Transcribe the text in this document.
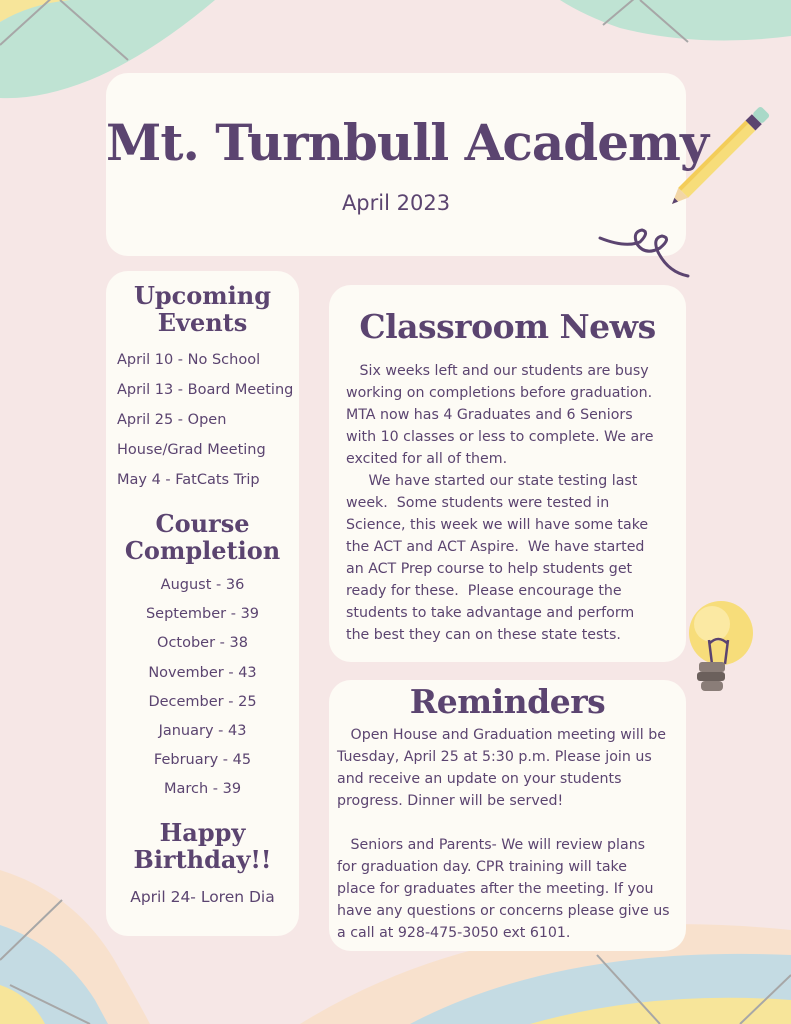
Mt. Turnbull Academy
April 2023
Upcoming
Events
April 10 - No School
April 13 - Board Meeting
April 25 - Open
House/Grad Meeting
May 4 - FatCats Trip
Course
Completion
August - 36
September - 39
October - 38
November - 43
December - 25
January - 43
February - 45
March - 39
Happy
Birthday!!
April 24- Loren Dia
Classroom News
Six weeks left and our students are busy
working on completions before graduation.
MTA now has 4 Graduates and 6 Seniors
with 10 classes or less to complete. We are
excited for all of them.
We have started our state testing last
week.  Some students were tested in
Science, this week we will have some take
the ACT and ACT Aspire.  We have started
an ACT Prep course to help students get
ready for these.  Please encourage the
students to take advantage and perform
the best they can on these state tests.
Reminders
Open House and Graduation meeting will be
Tuesday, April 25 at 5:30 p.m. Please join us
and receive an update on your students
progress. Dinner will be served!
Seniors and Parents- We will review plans
for graduation day. CPR training will take
place for graduates after the meeting. If you
have any questions or concerns please give us
a call at 928-475-3050 ext 6101.
